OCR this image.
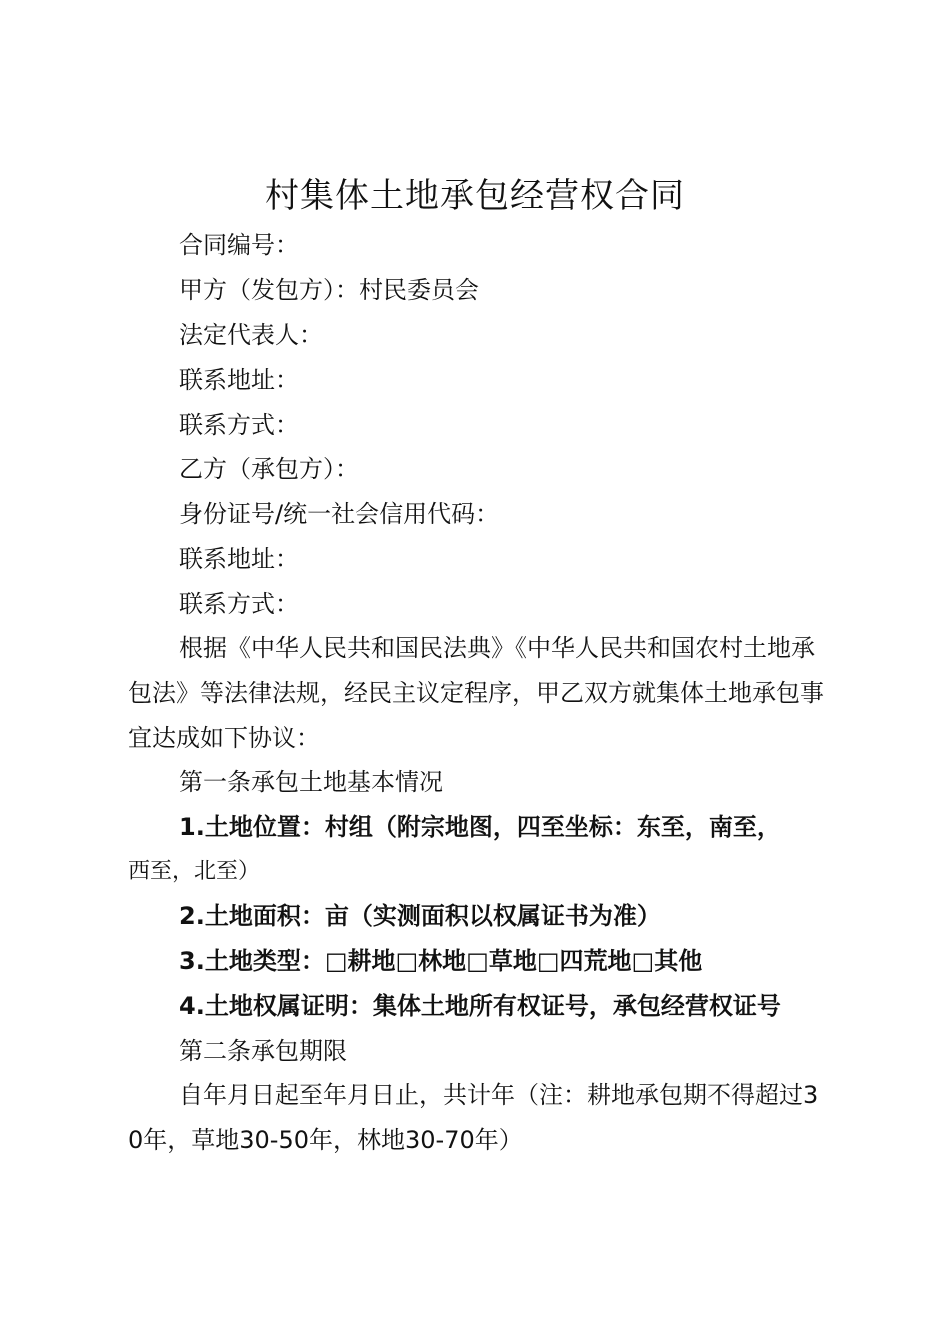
村集体土地承包经营权合同

合同编号：

甲方（发包方）：村民委员会

法定代表人：

联系地址：

联系方式：

乙方（承包方）：

身份证号/统一社会信用代码：

联系地址：

联系方式：

根据《中华人民共和国民法典》《中华人民共和国农村土地承包法》等法律法规，经民主议定程序，甲乙双方就集体土地承包事宜达成如下协议：

第一条承包土地基本情况

1.土地位置：村组（附宗地图，四至坐标：东至，南至，

西至，北至）

2.土地面积：亩（实测面积以权属证书为准）

3.土地类型：□耕地□林地□草地□四荒地□其他

4.土地权属证明：集体土地所有权证号，承包经营权证号

第二条承包期限

自年月日起至年月日止，共计年（注：耕地承包期不得超过30年，草地30-50年，林地30-70年）
